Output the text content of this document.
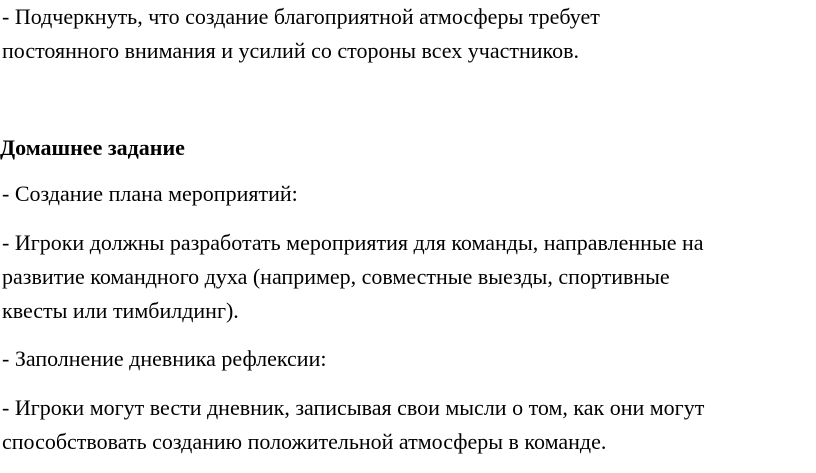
- Подчеркнуть, что создание благоприятной атмосферы требует
постоянного внимания и усилий со стороны всех участников.
Домашнее задание
- Создание плана мероприятий:
- Игроки должны разработать мероприятия для команды, направленные на
развитие командного духа (например, совместные выезды, спортивные
квесты или тимбилдинг).
- Заполнение дневника рефлексии:
- Игроки могут вести дневник, записывая свои мысли о том, как они могут
способствовать созданию положительной атмосферы в команде.
